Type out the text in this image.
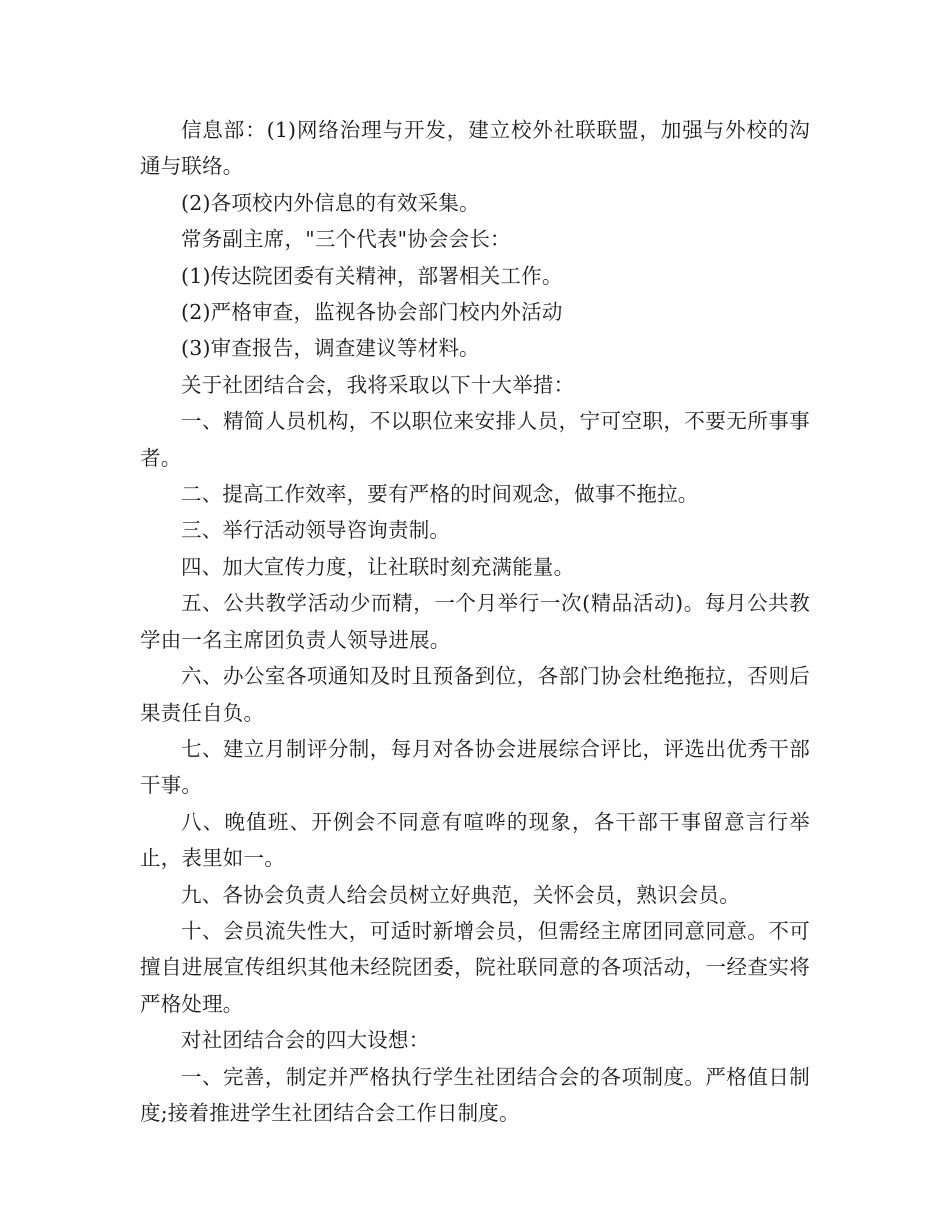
信息部：(1)网络治理与开发，建立校外社联联盟，加强与外校的沟通与联络。

(2)各项校内外信息的有效采集。

常务副主席，"三个代表"协会会长：

(1)传达院团委有关精神，部署相关工作。

(2)严格审查，监视各协会部门校内外活动

(3)审查报告，调查建议等材料。

关于社团结合会，我将采取以下十大举措：

一、精简人员机构，不以职位来安排人员，宁可空职，不要无所事事者。

二、提高工作效率，要有严格的时间观念，做事不拖拉。

三、举行活动领导咨询责制。

四、加大宣传力度，让社联时刻充满能量。

五、公共教学活动少而精，一个月举行一次(精品活动)。每月公共教学由一名主席团负责人领导进展。

六、办公室各项通知及时且预备到位，各部门协会杜绝拖拉，否则后果责任自负。

七、建立月制评分制，每月对各协会进展综合评比，评选出优秀干部干事。

八、晚值班、开例会不同意有喧哗的现象，各干部干事留意言行举止，表里如一。

九、各协会负责人给会员树立好典范，关怀会员，熟识会员。

十、会员流失性大，可适时新增会员，但需经主席团同意同意。不可擅自进展宣传组织其他未经院团委，院社联同意的各项活动，一经查实将严格处理。

对社团结合会的四大设想：

一、完善，制定并严格执行学生社团结合会的各项制度。严格值日制度;接着推进学生社团结合会工作日制度。
